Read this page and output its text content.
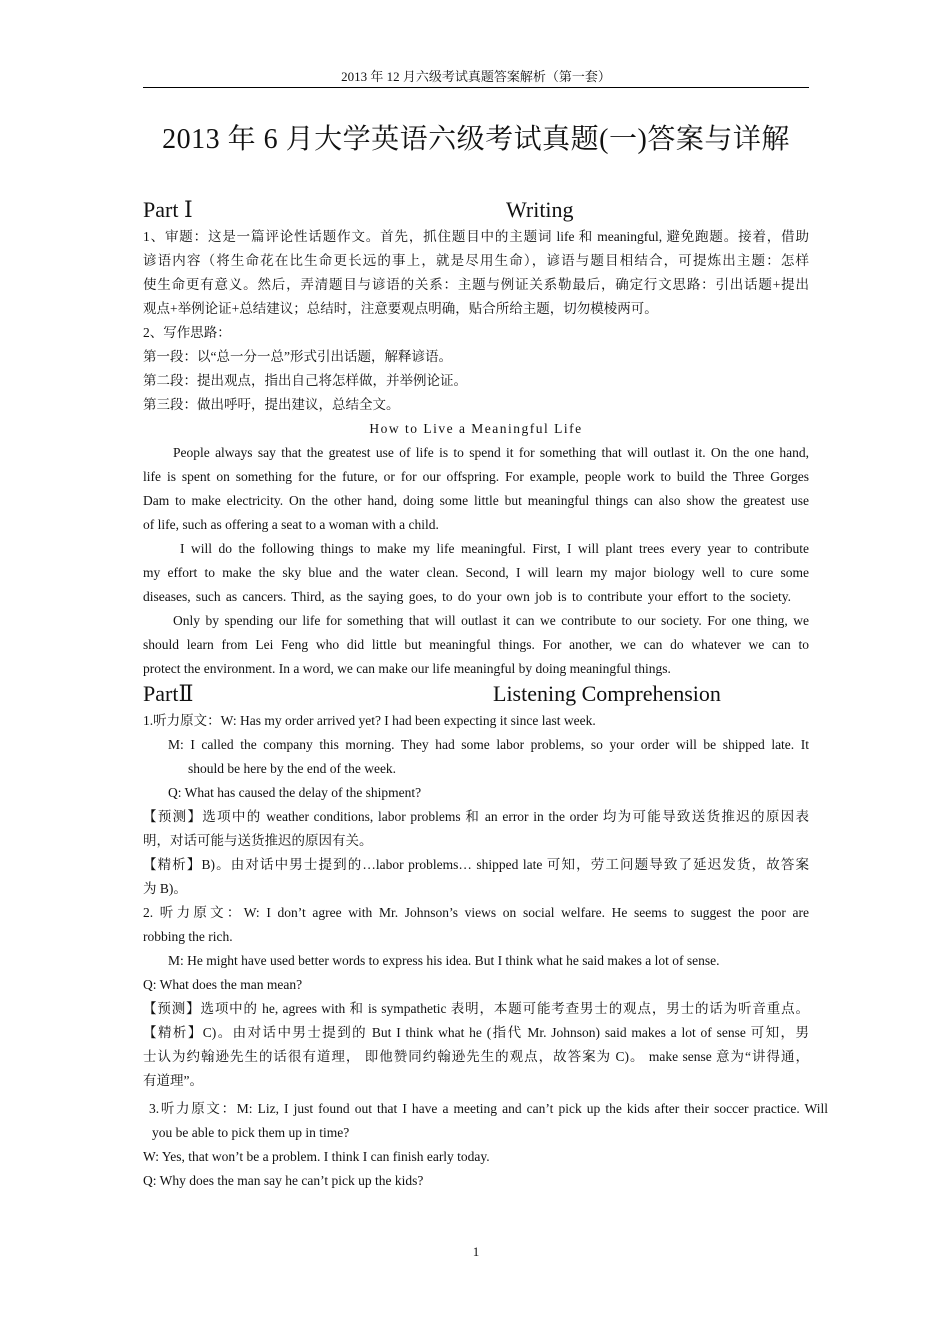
2013 年 12 月六级考试真题答案解析（第一套）
2013 年 6 月大学英语六级考试真题(一)答案与详解
Part Ⅰ	Writing
1、审题：这是一篇评论性话题作文。首先，抓住题目中的主题词 life 和 meaningful, 避免跑题。接着，借助
谚语内容（将生命花在比生命更长远的事上，就是尽用生命），谚语与题目相结合，可提炼出主题：怎样
使生命更有意义。然后，弄清题目与谚语的关系：主题与例证关系勒最后，确定行文思路：引出话题+提出
观点+举例论证+总结建议；总结时，注意要观点明确，贴合所给主题，切勿模棱两可。
2、写作思路：
第一段：以“总一分一总”形式引出话题，解释谚语。
第二段：提出观点，指出自己将怎样做，并举例论证。
第三段：做出呼吁，提出建议，总结全文。
How to Live a Meaningful Life
People always say that the greatest use of life is to spend it for something that will outlast it. On the one hand,
life is spent on something for the future, or for our offspring. For example, people work to build the Three Gorges
Dam to make electricity. On the other hand, doing some little but meaningful things can also show the greatest use
of life, such as offering a seat to a woman with a child.
I will do the following things to make my life meaningful. First, I will plant trees every year to contribute
my effort to make the sky blue and the water clean. Second, I will learn my major biology well to cure some
diseases, such as cancers. Third, as the saying goes, to do your own job is to contribute your effort to the society.
Only by spending our life for something that will outlast it can we contribute to our society. For one thing, we
should learn from Lei Feng who did little but meaningful things. For another, we can do whatever we can to
protect the environment. In a word, we can make our life meaningful by doing meaningful things.
PartⅡ	Listening Comprehension
1.听力原文：W: Has my order arrived yet? I had been expecting it since last week.
M: I called the company this morning. They had some labor problems, so your order will be shipped late. It
should be here by the end of the week.
Q: What has caused the delay of the shipment?
【预测】选项中的 weather conditions, labor problems 和 an error in the order 均为可能导致送货推迟的原因表
明，对话可能与送货推迟的原因有关。
【精析】B)。由对话中男士提到的…labor problems… shipped late 可知，劳工问题导致了延迟发货，故答案
为 B)。
2. 听力原文：W: I don’t agree with Mr. Johnson’s views on social welfare. He seems to suggest the poor are
robbing the rich.
M: He might have used better words to express his idea. But I think what he said makes a lot of sense.
Q: What does the man mean?
【预测】选项中的 he, agrees with 和 is sympathetic 表明，本题可能考查男士的观点，男士的话为听音重点。
【精析】C)。由对话中男士提到的 But I think what he (指代 Mr. Johnson) said makes a lot of sense 可知，男
士认为约翰逊先生的话很有道理， 即他赞同约翰逊先生的观点，故答案为 C)。 make sense 意为“讲得通，
有道理”。
3.听力原文：M: Liz, I just found out that I have a meeting and can’t pick up the kids after their soccer practice. Will
you be able to pick them up in time?
W: Yes, that won’t be a problem. I think I can finish early today.
Q: Why does the man say he can’t pick up the kids?
1
